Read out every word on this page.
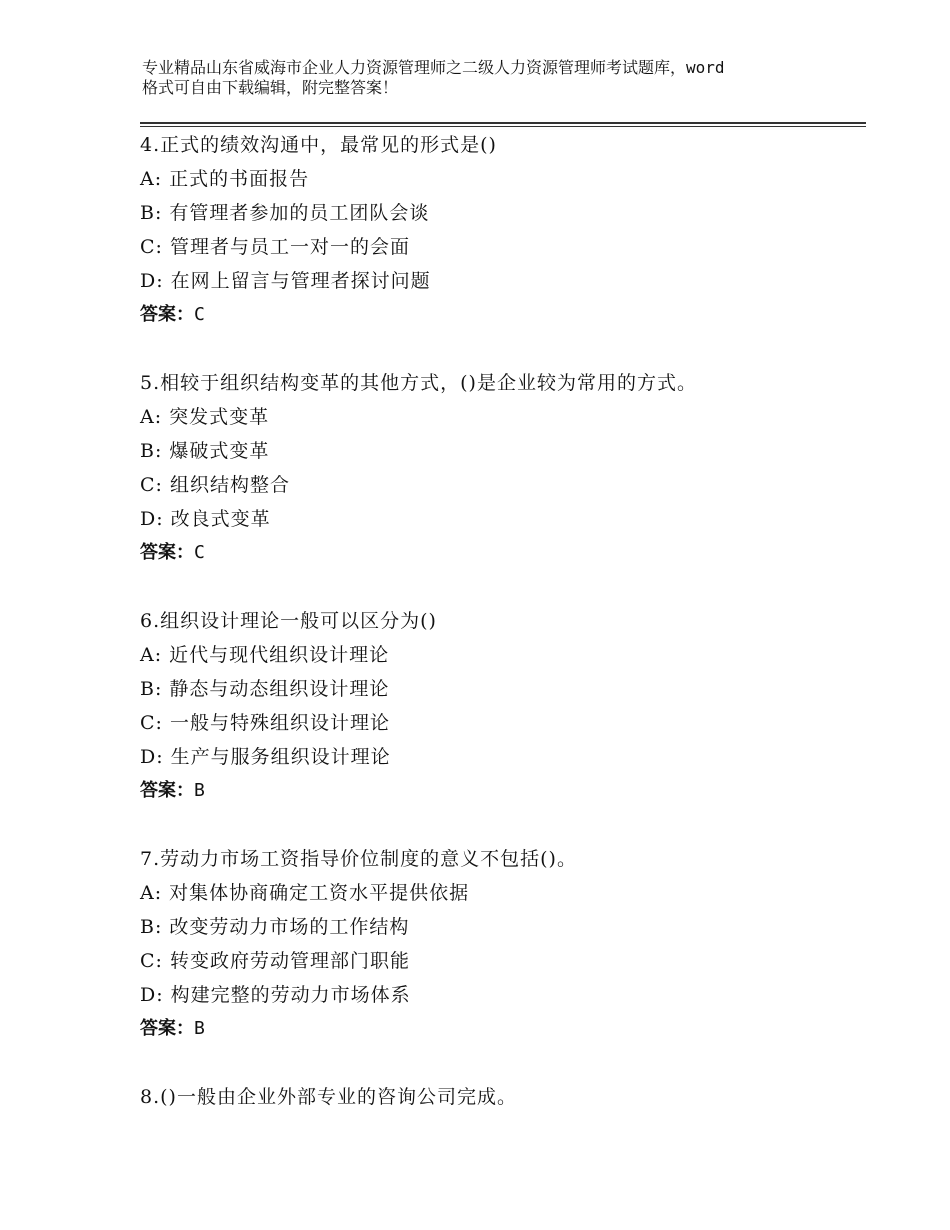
专业精品山东省威海市企业人力资源管理师之二级人力资源管理师考试题库，word
格式可自由下载编辑，附完整答案！
4.正式的绩效沟通中，最常见的形式是()
A: 正式的书面报告
B: 有管理者参加的员工团队会谈
C: 管理者与员工一对一的会面
D: 在网上留言与管理者探讨问题
答案：C
5.相较于组织结构变革的其他方式，()是企业较为常用的方式。
A: 突发式变革
B: 爆破式变革
C: 组织结构整合
D: 改良式变革
答案：C
6.组织设计理论一般可以区分为()
A: 近代与现代组织设计理论
B: 静态与动态组织设计理论
C: 一般与特殊组织设计理论
D: 生产与服务组织设计理论
答案：B
7.劳动力市场工资指导价位制度的意义不包括()。
A: 对集体协商确定工资水平提供依据
B: 改变劳动力市场的工作结构
C: 转变政府劳动管理部门职能
D: 构建完整的劳动力市场体系
答案：B
8.()一般由企业外部专业的咨询公司完成。
